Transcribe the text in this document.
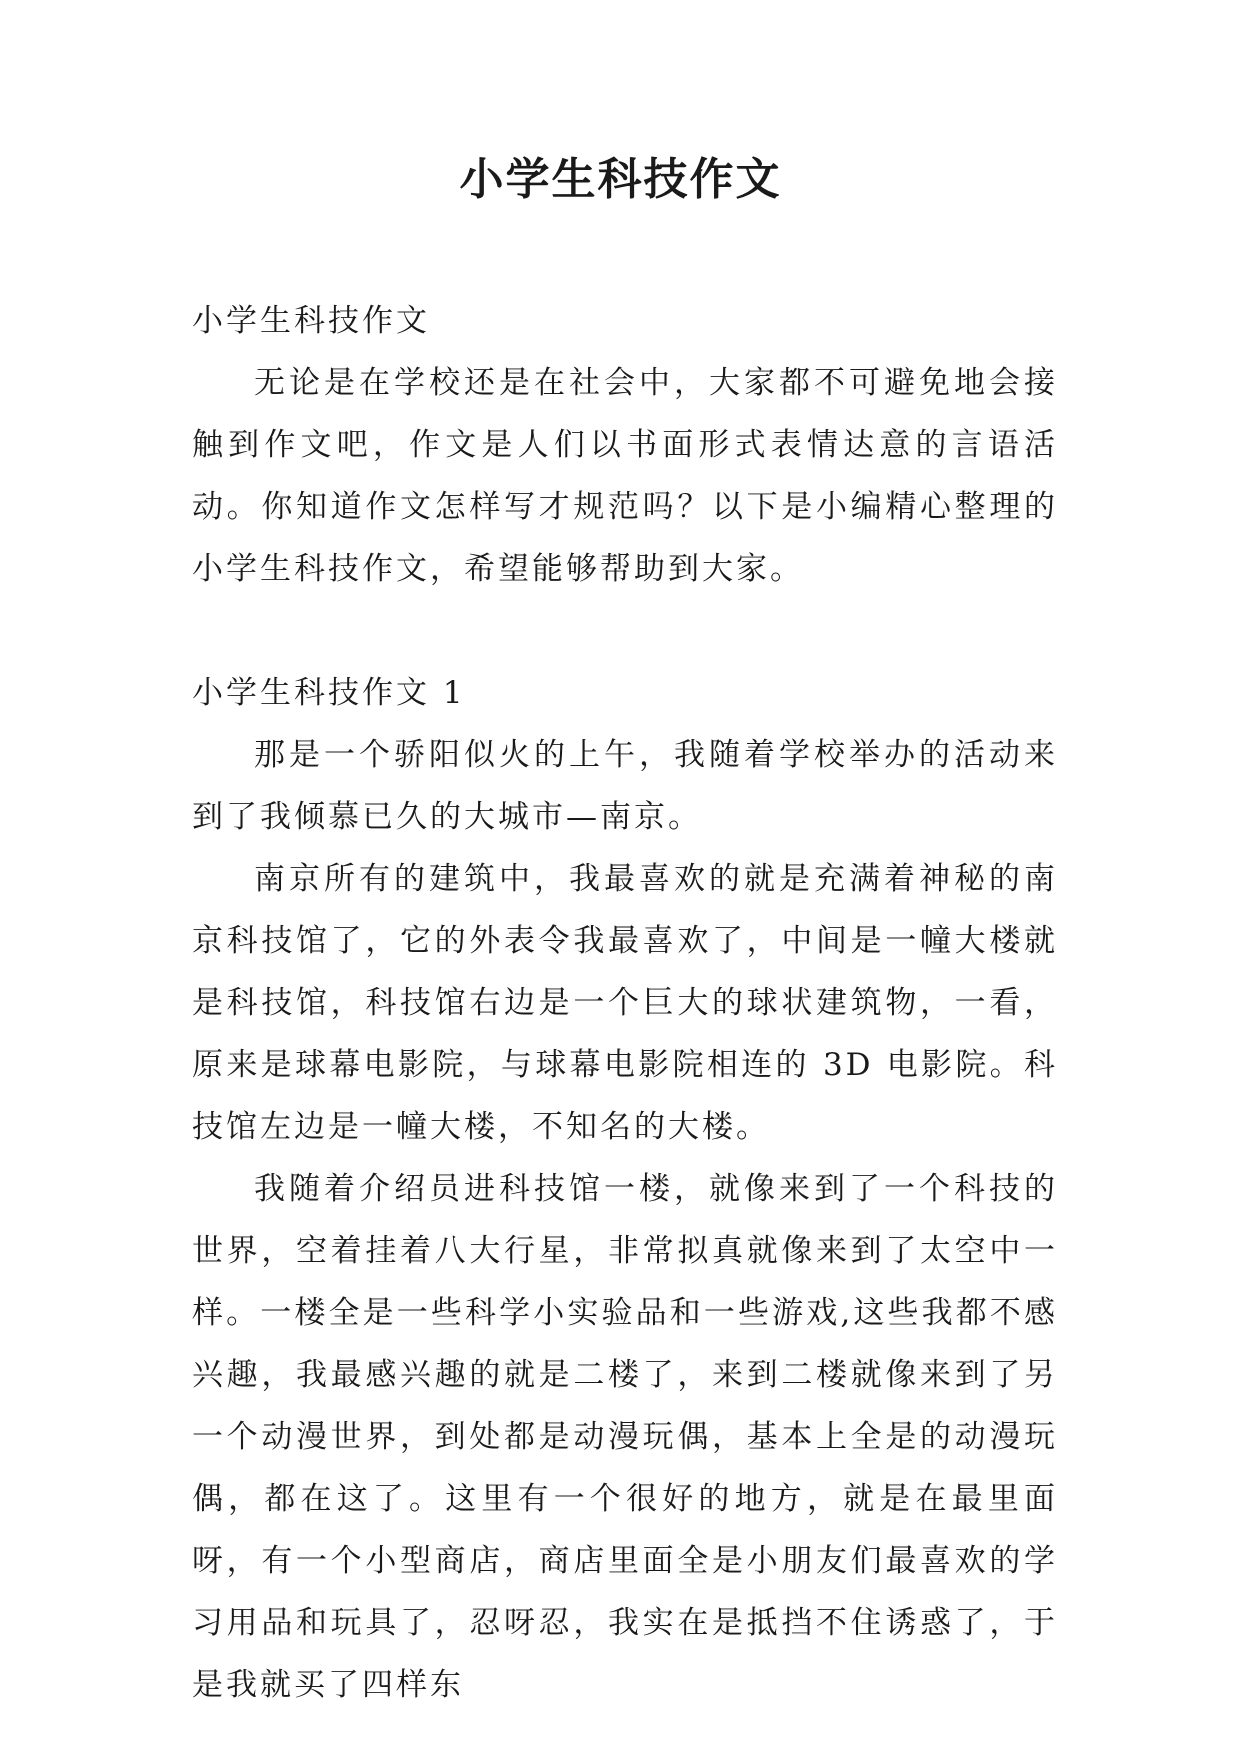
小学生科技作文
小学生科技作文

无论是在学校还是在社会中，大家都不可避免地会接触到作文吧，作文是人们以书面形式表情达意的言语活动。你知道作文怎样写才规范吗？以下是小编精心整理的小学生科技作文，希望能够帮助到大家。

小学生科技作文 1

那是一个骄阳似火的上午，我随着学校举办的活动来到了我倾慕已久的大城市—南京。

南京所有的建筑中，我最喜欢的就是充满着神秘的南京科技馆了，它的外表令我最喜欢了，中间是一幢大楼就是科技馆，科技馆右边是一个巨大的球状建筑物，一看，原来是球幕电影院，与球幕电影院相连的 3D 电影院。科技馆左边是一幢大楼，不知名的大楼。

我随着介绍员进科技馆一楼，就像来到了一个科技的世界，空着挂着八大行星，非常拟真就像来到了太空中一样。一楼全是一些科学小实验品和一些游戏,这些我都不感兴趣，我最感兴趣的就是二楼了，来到二楼就像来到了另一个动漫世界，到处都是动漫玩偶，基本上全是的动漫玩偶，都在这了。这里有一个很好的地方，就是在最里面呀，有一个小型商店，商店里面全是小朋友们最喜欢的学习用品和玩具了，忍呀忍，我实在是抵挡不住诱惑了，于是我就买了四样东
